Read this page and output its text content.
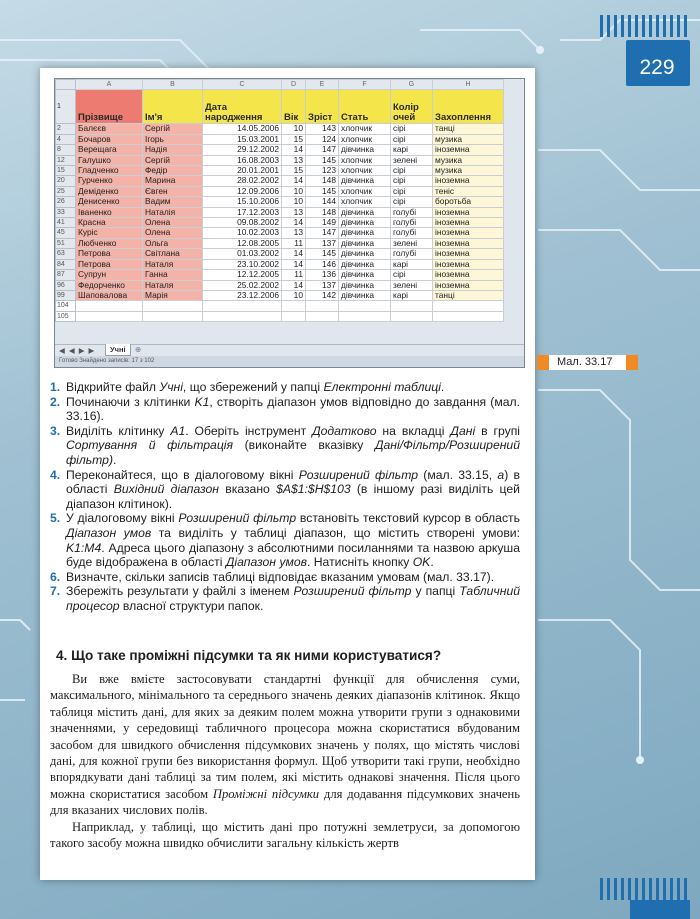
229
	A	B	C	D	E	F	G	H
1	Прізвище	Ім'я	Дата народження	Вік	Зріст	Стать	Колір очей	Захоплення
2	Балєєв	Сергій	14.05.2006	10	143	хлопчик	сірі	танці
4	Бочаров	Ігорь	15.03.2001	15	124	хлопчик	сірі	музика
8	Верещага	Надія	29.12.2002	14	147	дівчинка	карі	іноземна
12	Галушко	Сергій	16.08.2003	13	145	хлопчик	зелені	музика
15	Гладченко	Федір	20.01.2001	15	123	хлопчик	сірі	музика
20	Гурченко	Марина	28.02.2002	14	148	дівчинка	сірі	іноземна
25	Деміденко	Євген	12.09.2006	10	145	хлопчик	сірі	теніс
26	Денисенко	Вадим	15.10.2006	10	144	хлопчик	сірі	боротьба
33	Іваненко	Наталія	17.12.2003	13	148	дівчинка	голубі	іноземна
41	Красна	Олена	09.08.2002	14	149	дівчинка	голубі	іноземна
45	Куріс	Олена	10.02.2003	13	147	дівчинка	голубі	іноземна
51	Любченко	Ольга	12.08.2005	11	137	дівчинка	зелені	іноземна
63	Петрова	Світлана	01.03.2002	14	145	дівчинка	голубі	іноземна
84	Петрова	Наталя	23.10.2002	14	146	дівчинка	карі	іноземна
87	Супрун	Ганна	12.12.2005	11	136	дівчинка	сірі	іноземна
96	Федорченко	Наталя	25.02.2002	14	137	дівчинка	зелені	іноземна
99	Шаповалова	Марія	23.12.2006	10	142	дівчинка	карі	танці
104								
105								
◀ ◀ ▶ ▶	Учні	⊕
Готово Знайдено записів: 17 з 102
1. Відкрийте файл Учні, що збережений у папці Електронні таблиці.
2. Починаючи з клітинки K1, створіть діапазон умов відповідно до завдання (мал. 33.16).
3. Виділіть клітинку A1. Оберіть інструмент Додатково на вкладці Дані в групі Сортування й фільтрація (виконайте вказівку Дані/Фільтр/Розширений фільтр).
4. Переконайтеся, що в діалоговому вікні Розширений фільтр (мал. 33.15, а) в області Вихідний діапазон вказано $A$1:$H$103 (в іншому разі виділіть цей діапазон клітинок).
5. У діалоговому вікні Розширений фільтр встановіть текстовий курсор в область Діапазон умов та виділіть у таблиці діапазон, що містить створені умови: K1:M4. Адреса цього діапазону з абсолютними посиланнями та назвою аркуша буде відображена в області Діапазон умов. Натисніть кнопку OK.
6. Визначте, скільки записів таблиці відповідає вказаним умовам (мал. 33.17).
7. Збережіть результати у файлі з іменем Розширений фільтр у папці Табличний процесор власної структури папок.
4. Що таке проміжні підсумки та як ними користуватися?

Ви вже вмієте застосовувати стандартні функції для обчислення суми, максимального, мінімального та середнього значень деяких діапазонів клітинок. Якщо таблиця містить дані, для яких за деяким полем можна утворити групи з однаковими значеннями, у середовищі табличного процесора можна скористатися вбудованим засобом для швидкого обчислення підсумкових значень у полях, що містять числові дані, для кожної групи без використання формул. Щоб утворити такі групи, необхідно впорядкувати дані таблиці за тим полем, які містить однакові значення. Після цього можна скористатися засобом Проміжні підсумки для додавання підсумкових значень для вказаних числових полів.

Наприклад, у таблиці, що містить дані про потужні землетруси, за допомогою такого засобу можна швидко обчислити загальну кількість жертв

Мал. 33.17
